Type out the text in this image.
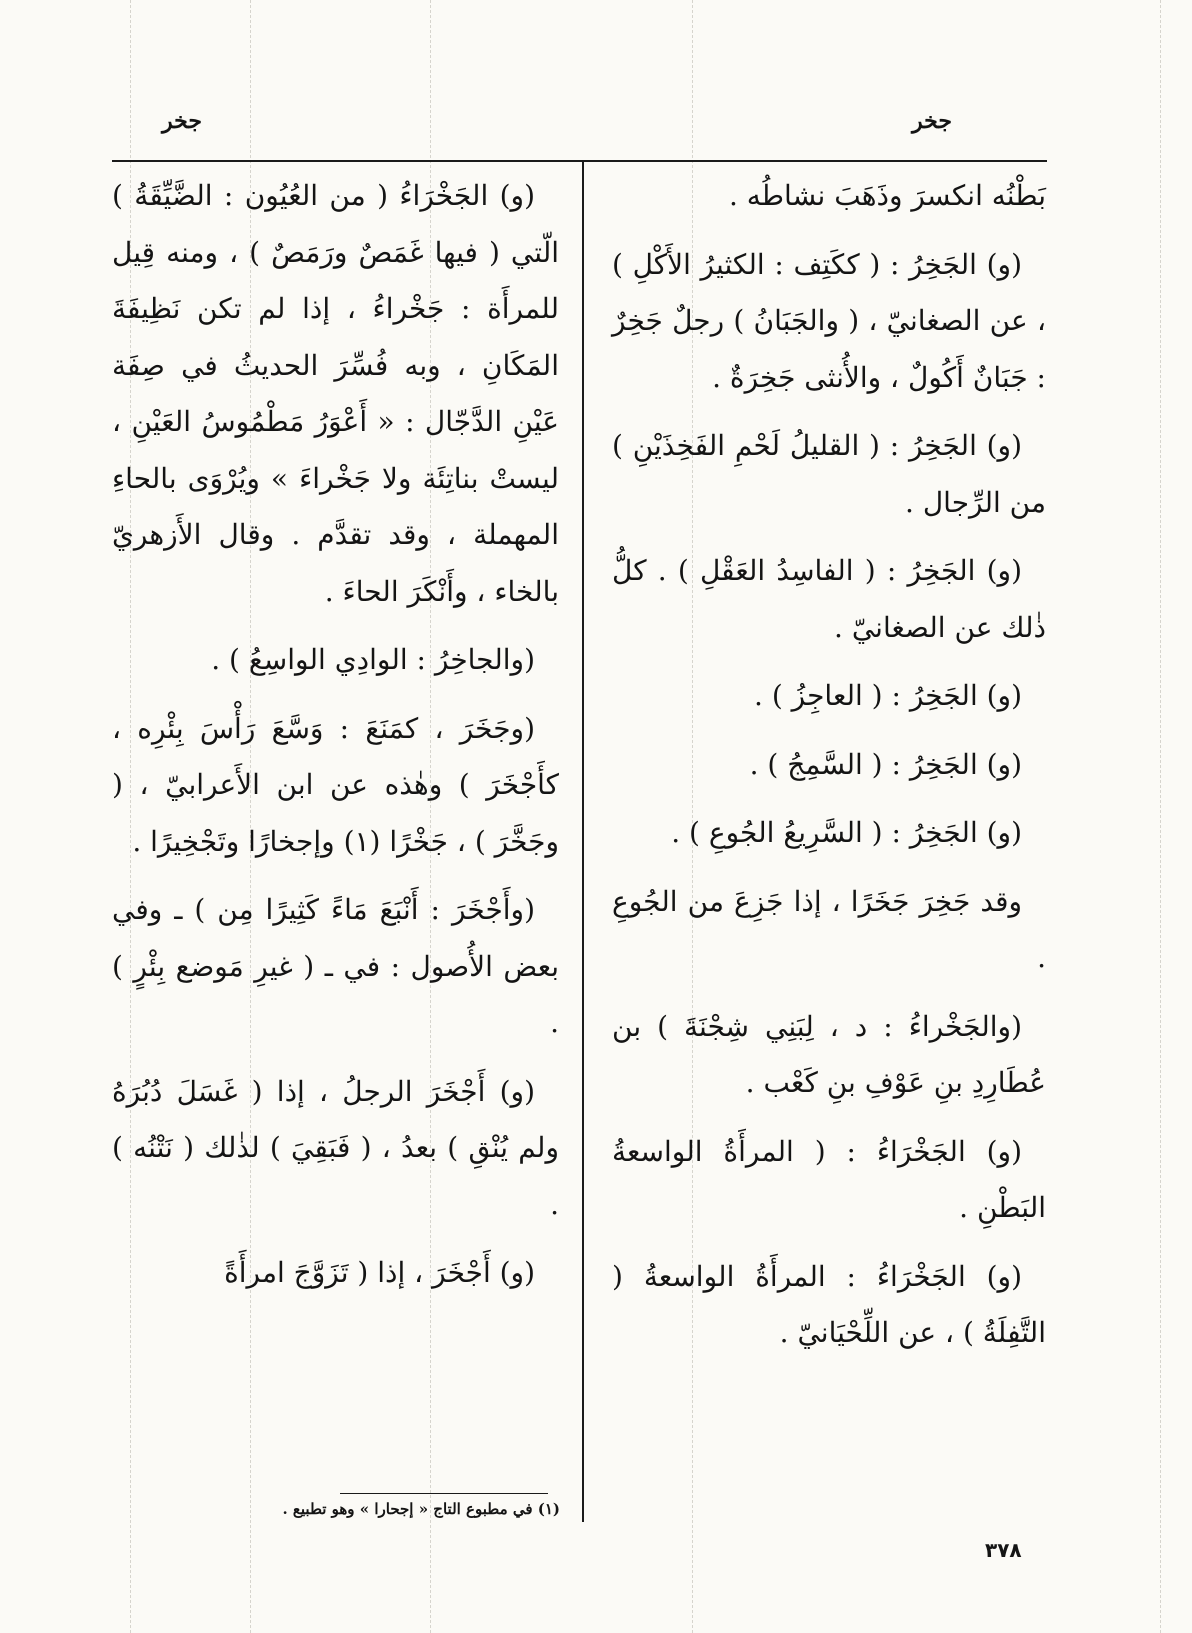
جخر
جخر

بَطْنُه انكسرَ وذَهَبَ نشاطُه .

(و) الجَخِرُ : ( ككَتِف : الكثيرُ الأَكْلِ ) ، عن الصغانيّ ، ( والجَبَانُ ) رجلٌ جَخِرٌ : جَبَانٌ أَكُولٌ ، والأُنثى جَخِرَةٌ .

(و) الجَخِرُ : ( القليلُ لَحْمِ الفَخِذَيْنِ ) من الرِّجال .

(و) الجَخِرُ : ( الفاسِدُ العَقْلِ ) . كلُّ ذٰلك عن الصغانيّ .

(و) الجَخِرُ : ( العاجِزُ ) .

(و) الجَخِرُ : ( السَّمِجُ ) .

(و) الجَخِرُ : ( السَّرِيعُ الجُوعِ ) .

وقد جَخِرَ جَخَرًا ، إذا جَزِعَ من الجُوعِ .

(والجَخْراءُ : د ، لِبَنِي شِجْنَةَ ) بن عُطَارِدِ بنِ عَوْفِ بنِ كَعْب .

(و) الجَخْرَاءُ : ( المرأَةُ الواسعةُ البَطْنِ .

(و) الجَخْرَاءُ : المرأَةُ الواسعةُ ( التَّفِلَةُ ) ، عن اللِّحْيَانيّ .

(و) الجَخْرَاءُ ( من العُيُون : الضَّيِّقَةُ ) الّتي ( فيها غَمَصٌ ورَمَصٌ ) ، ومنه قِيل للمرأَة : جَخْراءُ ، إذا لم تكن نَظِيفَةَ المَكَانِ ، وبه فُسِّرَ الحديثُ في صِفَة عَيْنِ الدَّجّال : « أَعْوَرُ مَطْمُوسُ العَيْنِ ، ليستْ بناتِئَة ولا جَخْراءَ » ويُرْوَى بالحاءِ المهملة ، وقد تقدَّم . وقال الأَزهريّ بالخاء ، وأَنْكَرَ الحاءَ .

(والجاخِرُ : الوادِي الواسِعُ ) .

(وجَخَرَ ، كمَنَعَ : وَسَّعَ رَأْسَ بِئْرِه ، كأَجْخَرَ ) وهٰذه عن ابن الأَعرابيّ ، ( وجَخَّرَ ) ، جَخْرًا (١) وإجخارًا وتَجْخِيرًا .

(وأَجْخَرَ : أَنْبَعَ مَاءً كَثِيرًا مِن ) ـ وفي بعض الأُصول : في ـ ( غيرِ مَوضع بِئْرٍ ) .

(و) أَجْخَرَ الرجلُ ، إذا ( غَسَلَ دُبُرَهُ ولم يُنْقِ ) بعدُ ، ( فَبَقِيَ ) لذٰلك ( نَتْنُه ) .

(و) أَجْخَرَ ، إذا ( تَزَوَّجَ امرأَةً

(١) في مطبوع التاج « إجحارا » وهو تطبيع .
٣٧٨
